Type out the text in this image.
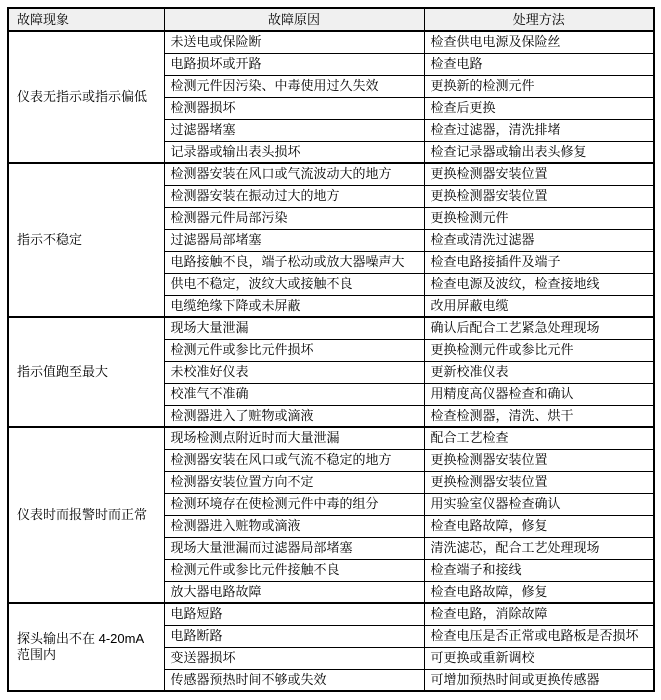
故障现象	故障原因	处理方法
仪表无指示或指示偏低	未送电或保险断	检查供电电源及保险丝
	电路损坏或开路	检查电路
	检测元件因污染、中毒使用过久失效	更换新的检测元件
	检测器损坏	检查后更换
	过滤器堵塞	检查过滤器，清洗排堵
	记录器或输出表头损坏	检查记录器或输出表头修复
指示不稳定	检测器安装在风口或气流波动大的地方	更换检测器安装位置
	检测器安装在振动过大的地方	更换检测器安装位置
	检测器元件局部污染	更换检测元件
	过滤器局部堵塞	检查或清洗过滤器
	电路接触不良，端子松动或放大器噪声大	检查电路接插件及端子
	供电不稳定，波纹大或接触不良	检查电源及波纹，检查接地线
	电缆绝缘下降或未屏蔽	改用屏蔽电缆
指示值跑至最大	现场大量泄漏	确认后配合工艺紧急处理现场
	检测元件或参比元件损坏	更换检测元件或参比元件
	未校准好仪表	更新校准仪表
	校准气不准确	用精度高仪器检查和确认
	检测器进入了赃物或滴液	检查检测器，清洗、烘干
仪表时而报警时而正常	现场检测点附近时而大量泄漏	配合工艺检查
	检测器安装在风口或气流不稳定的地方	更换检测器安装位置
	检测器安装位置方向不定	更换检测器安装位置
	检测环境存在使检测元件中毒的组分	用实验室仪器检查确认
	检测器进入赃物或滴液	检查电路故障，修复
	现场大量泄漏而过滤器局部堵塞	清洗滤芯，配合工艺处理现场
	检测元件或参比元件接触不良	检查端子和接线
	放大器电路故障	检查电路故障，修复
探头输出不在 4-20mA 范围内	电路短路	检查电路，消除故障
	电路断路	检查电压是否正常或电路板是否损坏
	变送器损坏	可更换或重新调校
	传感器预热时间不够或失效	可增加预热时间或更换传感器
